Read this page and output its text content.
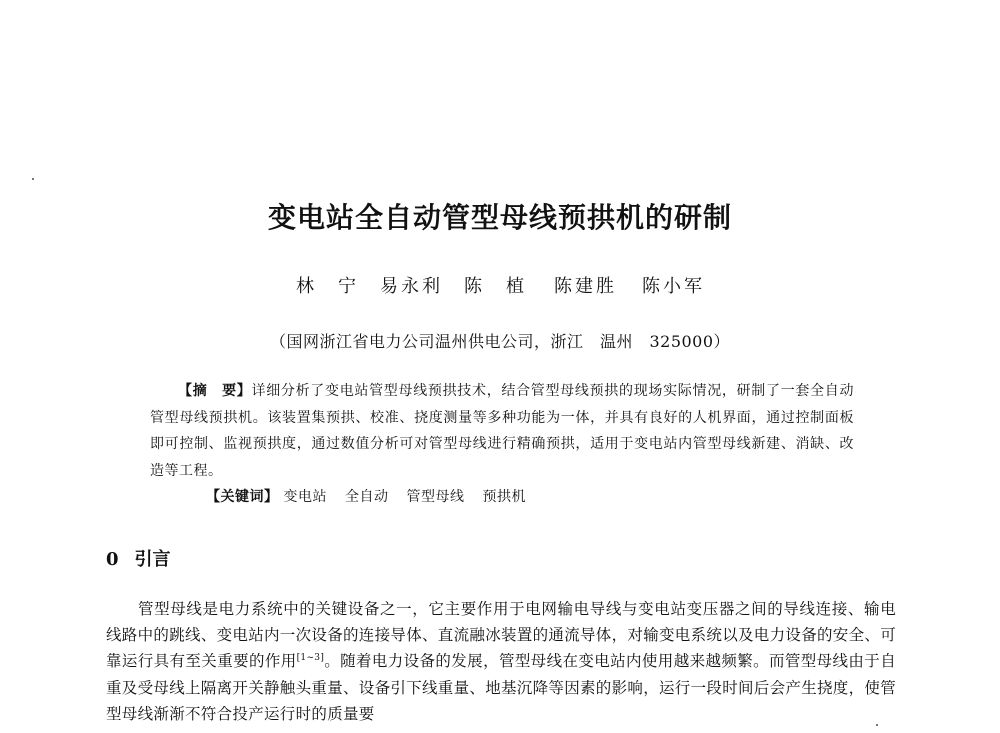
变电站全自动管型母线预拱机的研制
林　宁 易永利 陈　植 陈建胜 陈小军
（国网浙江省电力公司温州供电公司，浙江　温州　325000）

【摘　要】详细分析了变电站管型母线预拱技术，结合管型母线预拱的现场实际情况，研制了一套全自动管型母线预拱机。该装置集预拱、校准、挠度测量等多种功能为一体，并具有良好的人机界面，通过控制面板即可控制、监视预拱度，通过数值分析可对管型母线进行精确预拱，适用于变电站内管型母线新建、消缺、改造等工程。

【关键词】 变电站 全自动 管型母线 预拱机

0 引言

管型母线是电力系统中的关键设备之一，它主要作用于电网输电导线与变电站变压器之间的导线连接、输电线路中的跳线、变电站内一次设备的连接导体、直流融冰装置的通流导体，对输变电系统以及电力设备的安全、可靠运行具有至关重要的作用[1~3]。随着电力设备的发展，管型母线在变电站内使用越来越频繁。而管型母线由于自重及受母线上隔离开关静触头重量、设备引下线重量、地基沉降等因素的影响，运行一段时间后会产生挠度，使管型母线渐渐不符合投产运行时的质量要
